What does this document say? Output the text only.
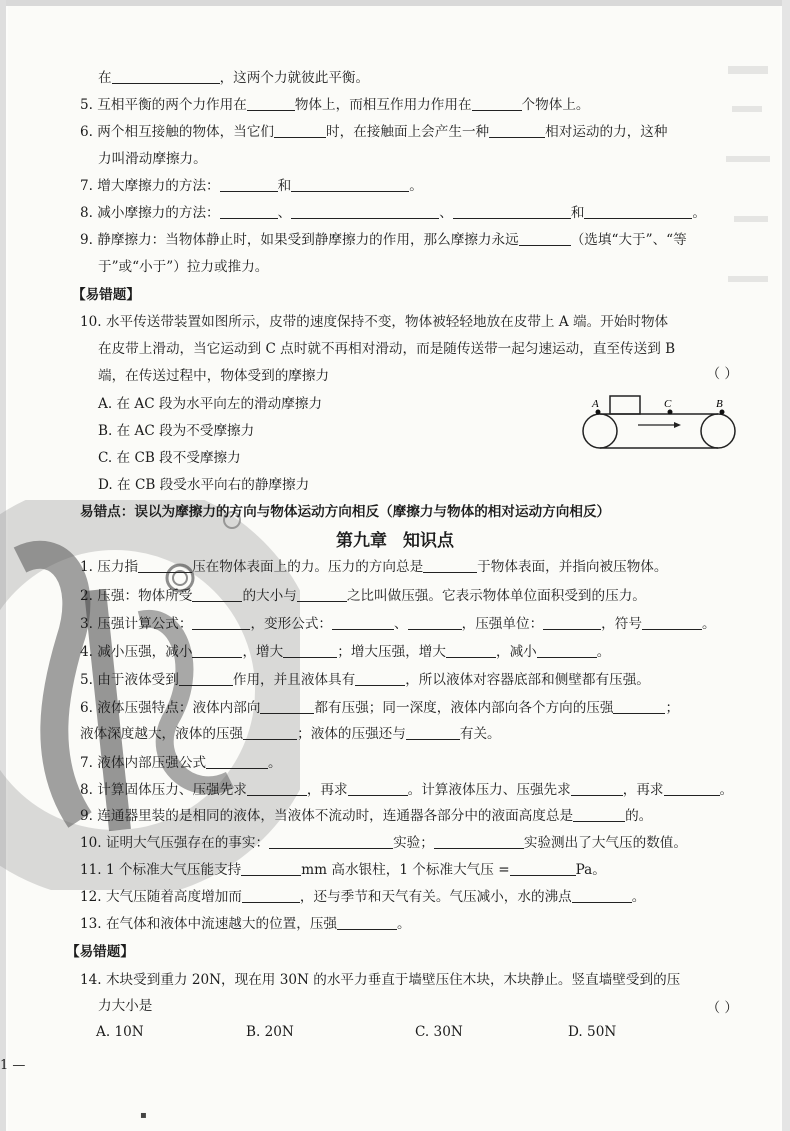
在	，这两个力就彼此平衡。
5. 互相平衡的两个力作用在	物体上，而相互作用力作用在	个物体上。
6. 两个相互接触的物体，当它们	时，在接触面上会产生一种	相对运动的力，这种
力叫滑动摩擦力。
7. 增大摩擦力的方法：	和	。
8. 减小摩擦力的方法：	、	、	和	。
9. 静摩擦力：当物体静止时，如果受到静摩擦力的作用，那么摩擦力永远	（选填“大于”、“等
于”或“小于”）拉力或推力。
【易错题】
10. 水平传送带装置如图所示，皮带的速度保持不变，物体被轻轻地放在皮带上 A 端。开始时物体
在皮带上滑动，当它运动到 C 点时就不再相对滑动，而是随传送带一起匀速运动，直至传送到 B
端，在传送过程中，物体受到的摩擦力	（ ）
A. 在 AC 段为水平向左的滑动摩擦力
B. 在 AC 段为不受摩擦力
C. 在 CB 段不受摩擦力
D. 在 CB 段受水平向右的静摩擦力
A	C	B
易错点：误以为摩擦力的方向与物体运动方向相反（摩擦力与物体的相对运动方向相反）
第九章 知识点
1. 压力指	压在物体表面上的力。压力的方向总是	于物体表面，并指向被压物体。
2. 压强：物体所受	的大小与	之比叫做压强。它表示物体单位面积受到的压力。
3. 压强计算公式：	，变形公式：	、	，压强单位：	，符号	。
4. 减小压强，减小	，增大	；增大压强，增大	，减小	。
5. 由于液体受到	作用，并且液体具有	，所以液体对容器底部和侧壁都有压强。
6. 液体压强特点：液体内部向	都有压强；同一深度，液体内部向各个方向的压强	；
液体深度越大，液体的压强	；液体的压强还与	有关。
7. 液体内部压强公式	。
8. 计算固体压力、压强先求	，再求	。计算液体压力、压强先求	，再求	。
9. 连通器里装的是相同的液体，当液体不流动时，连通器各部分中的液面高度总是	的。
10. 证明大气压强存在的事实：	实验；	实验测出了大气压的数值。
11. 1 个标准大气压能支持	mm 高水银柱，1 个标准大气压 =	Pa。
12. 大气压随着高度增加而	，还与季节和天气有关。气压减小，水的沸点	。
13. 在气体和液体中流速越大的位置，压强	。
【易错题】
14. 木块受到重力 20N，现在用 30N 的水平力垂直于墙壁压住木块，木块静止。竖直墙壁受到的压
力大小是	（ ）
A. 10N	B. 20N	C. 30N	D. 50N
1 —
▪
